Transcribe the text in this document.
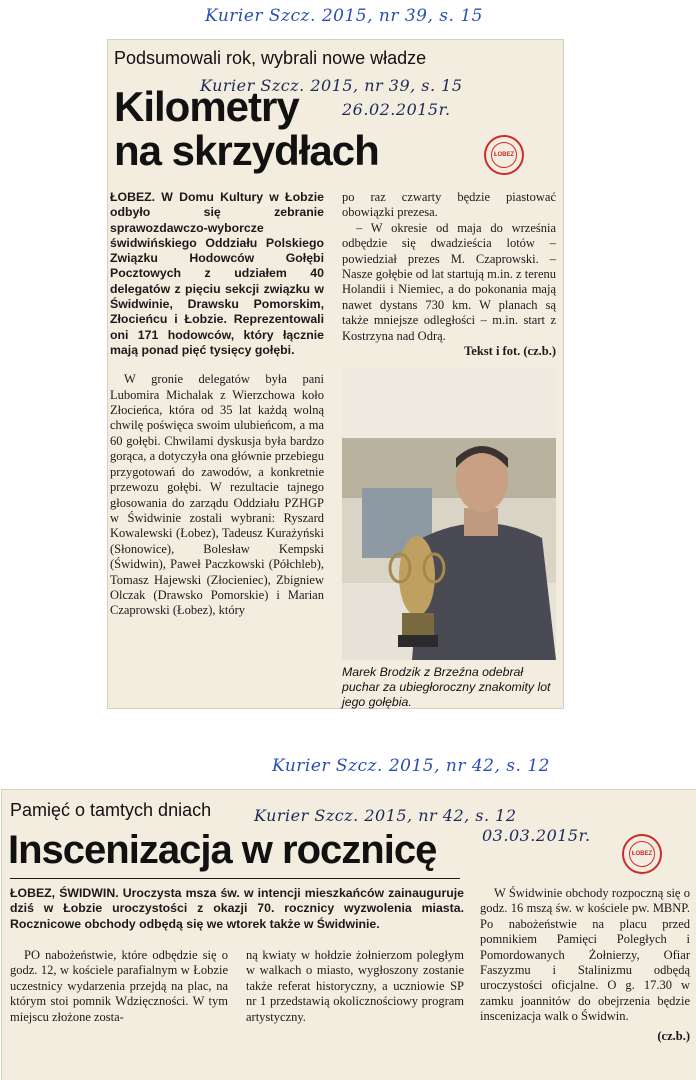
Kurier Szcz. 2015, nr 39, s. 15
Podsumowali rok, wybrali nowe władze
Kurier Szcz. 2015, nr 39, s. 15
26.02.2015r.
Kilometry
na skrzydłach	ŁOBEZ

ŁOBEZ. W Domu Kultury w Łobzie odbyło się zebranie sprawozdawczo-wyborcze świdwińskiego Oddziału Polskiego Związku Hodowców Gołębi Pocztowych z udziałem 40 delegatów z pięciu sekcji związku w Świdwinie, Drawsku Pomorskim, Złocieńcu i Łobzie. Reprezentowali oni 171 hodowców, który łącznie mają ponad pięć tysięcy gołębi.

W gronie delegatów była pani Lubomira Michalak z Wierzchowa koło Złocieńca, która od 35 lat każdą wolną chwilę poświęca swoim ulubieńcom, a ma 60 gołębi. Chwilami dyskusja była bardzo gorąca, a dotyczyła ona głównie przebiegu przygotowań do zawodów, a konkretnie przewozu gołębi. W rezultacie tajnego głosowania do zarządu Oddziału PZHGP w Świdwinie zostali wybrani: Ryszard Kowalewski (Łobez), Tadeusz Kurażyński (Słonowice), Bolesław Kempski (Świdwin), Paweł Paczkowski (Półchleb), Tomasz Hajewski (Złocieniec), Zbigniew Olczak (Drawsko Pomorskie) i Marian Czaprowski (Łobez), który

po raz czwarty będzie piastować obowiązki prezesa.

– W okresie od maja do września odbędzie się dwadzieścia lotów – powiedział prezes M. Czaprowski. – Nasze gołębie od lat startują m.in. z terenu Holandii i Niemiec, a do pokonania mają nawet dystans 730 km. W planach są także mniejsze odległości – m.in. start z Kostrzyna nad Odrą.

Tekst i fot. (cz.b.)

Marek Brodzik z Brzeźna odebrał puchar za ubiegłoroczny znakomity lot jego gołębia.
Kurier Szcz. 2015, nr 42, s. 12
Pamięć o tamtych dniach	Kurier Szcz. 2015, nr 42, s. 12
03.03.2015r.
Inscenizacja w rocznicę	ŁOBEZ

ŁOBEZ, ŚWIDWIN. Uroczysta msza św. w intencji mieszkańców zainauguruje dziś w Łobzie uroczystości z okazji 70. rocznicy wyzwolenia miasta. Rocznicowe obchody odbędą się we wtorek także w Świdwinie.

PO nabożeństwie, które odbędzie się o godz. 12, w kościele parafialnym w Łobzie uczestnicy wydarzenia przejdą na plac, na którym stoi pomnik Wdzięczności. W tym miejscu złożone zosta-

ną kwiaty w hołdzie żołnierzom poległym w walkach o miasto, wygłoszony zostanie także referat historyczny, a uczniowie SP nr 1 przedstawią okolicznościowy program artystyczny.

W Świdwinie obchody rozpoczną się o godz. 16 mszą św. w kościele pw. MBNP. Po nabożeństwie na placu przed pomnikiem Pamięci Poległych i Pomordowanych Żołnierzy, Ofiar Faszyzmu i Stalinizmu odbędą uroczystości oficjalne. O g. 17.30 w zamku joannitów do obejrzenia będzie inscenizacja walk o Świdwin.

(cz.b.)
